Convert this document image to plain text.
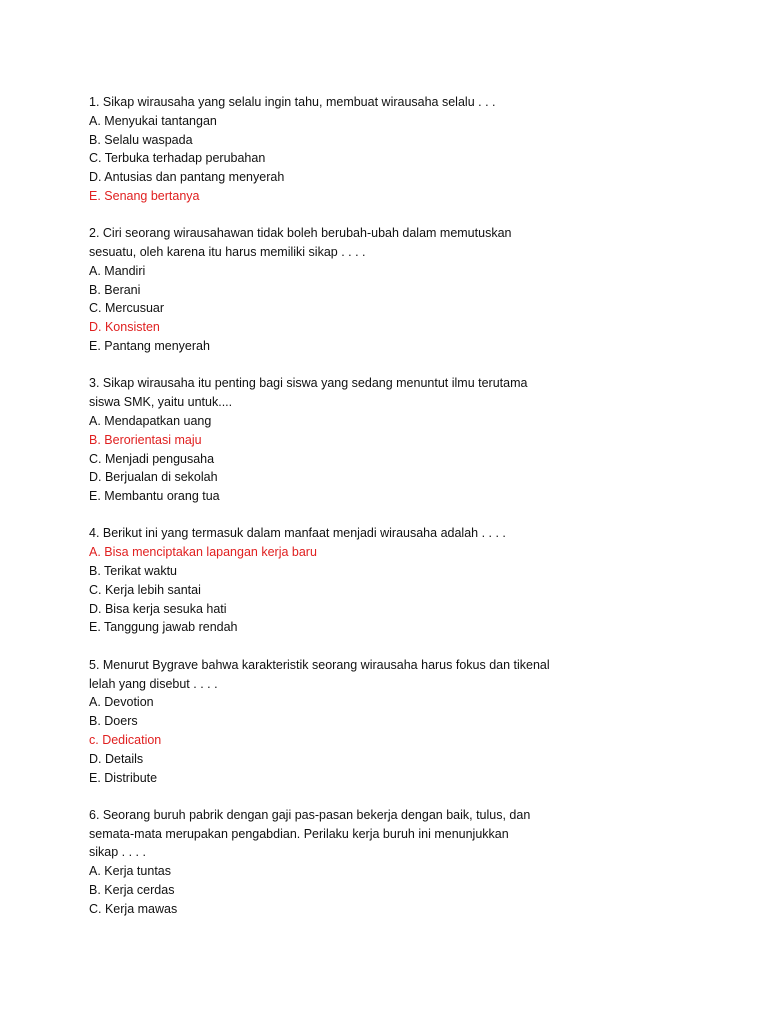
1. Sikap wirausaha yang selalu ingin tahu, membuat wirausaha selalu . . .
A. Menyukai tantangan
B. Selalu waspada
C. Terbuka terhadap perubahan
D. Antusias dan pantang menyerah
E. Senang bertanya
2. Ciri seorang wirausahawan tidak boleh berubah-ubah dalam memutuskan
sesuatu, oleh karena itu harus memiliki sikap . . . .
A. Mandiri
B. Berani
C. Mercusuar
D. Konsisten
E. Pantang menyerah
3. Sikap wirausaha itu penting bagi siswa yang sedang menuntut ilmu terutama
siswa SMK, yaitu untuk....
A. Mendapatkan uang
B. Berorientasi maju
C. Menjadi pengusaha
D. Berjualan di sekolah
E. Membantu orang tua
4. Berikut ini yang termasuk dalam manfaat menjadi wirausaha adalah . . . .
A. Bisa menciptakan lapangan kerja baru
B. Terikat waktu
C. Kerja lebih santai
D. Bisa kerja sesuka hati
E. Tanggung jawab rendah
5. Menurut Bygrave bahwa karakteristik seorang wirausaha harus fokus dan tikenal
lelah yang disebut . . . .
A. Devotion
B. Doers
c. Dedication
D. Details
E. Distribute
6. Seorang buruh pabrik dengan gaji pas-pasan bekerja dengan baik, tulus, dan
semata-mata merupakan pengabdian. Perilaku kerja buruh ini menunjukkan
sikap . . . .
A. Kerja tuntas
B. Kerja cerdas
C. Kerja mawas
